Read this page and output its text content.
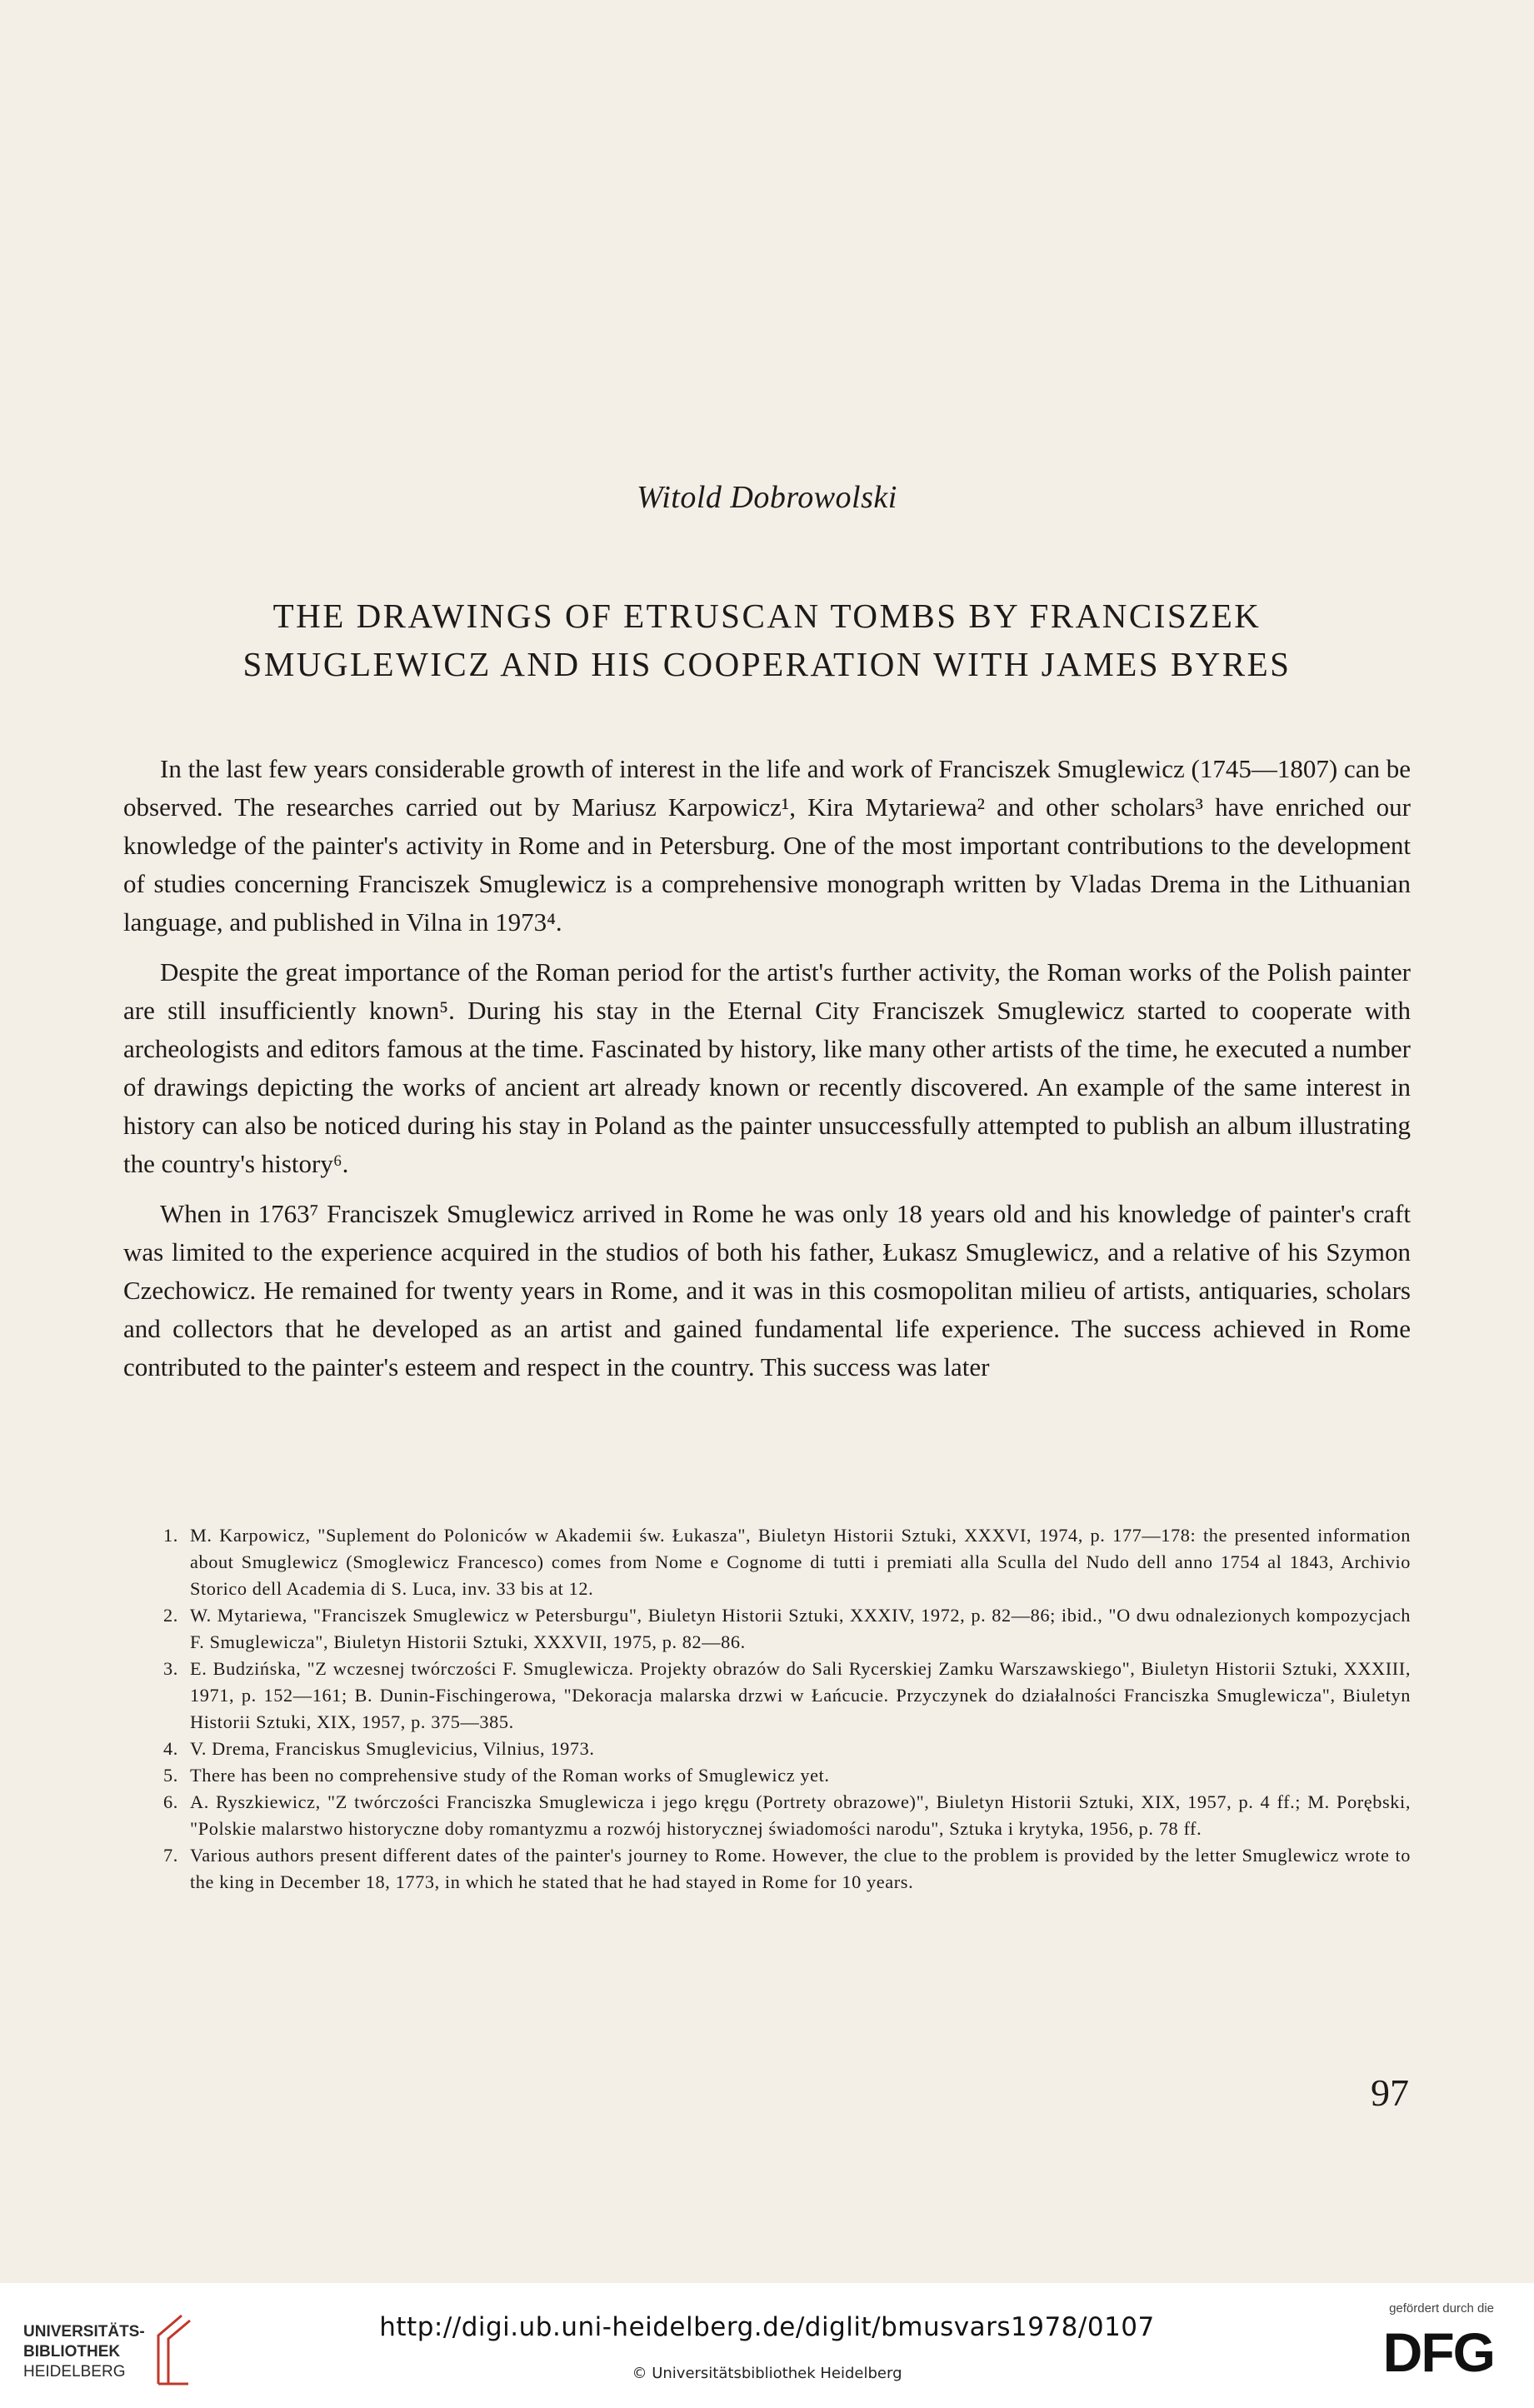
Witold Dobrowolski
THE DRAWINGS OF ETRUSCAN TOMBS BY FRANCISZEK
SMUGLEWICZ AND HIS COOPERATION WITH JAMES BYRES

In the last few years considerable growth of interest in the life and work of Franciszek Smuglewicz (1745—1807) can be observed. The researches carried out by Mariusz Karpowicz¹, Kira Mytariewa² and other scholars³ have enriched our knowledge of the painter's activity in Rome and in Petersburg. One of the most important contributions to the development of studies concerning Franciszek Smuglewicz is a comprehensive monograph written by Vladas Drema in the Lithuanian language, and published in Vilna in 1973⁴.

Despite the great importance of the Roman period for the artist's further activity, the Roman works of the Polish painter are still insufficiently known⁵. During his stay in the Eternal City Franciszek Smuglewicz started to cooperate with archeologists and editors famous at the time. Fascinated by history, like many other artists of the time, he executed a number of drawings depicting the works of ancient art already known or recently discovered. An example of the same interest in history can also be noticed during his stay in Poland as the painter unsuccessfully attempted to publish an album illustrating the country's history⁶.

When in 1763⁷ Franciszek Smuglewicz arrived in Rome he was only 18 years old and his knowledge of painter's craft was limited to the experience acquired in the studios of both his father, Łukasz Smuglewicz, and a relative of his Szymon Czechowicz. He remained for twenty years in Rome, and it was in this cosmopolitan milieu of artists, antiquaries, scholars and collectors that he developed as an artist and gained fundamental life experience. The success achieved in Rome contributed to the painter's esteem and respect in the country. This success was later

1. M. Karpowicz, "Suplement do Poloniców w Akademii św. Łukasza", Biuletyn Historii Sztuki, XXXVI, 1974, p. 177—178: the presented information about Smuglewicz (Smoglewicz Francesco) comes from Nome e Cognome di tutti i premiati alla Sculla del Nudo dell anno 1754 al 1843, Archivio Storico dell Academia di S. Luca, inv. 33 bis at 12.

2. W. Mytariewa, "Franciszek Smuglewicz w Petersburgu", Biuletyn Historii Sztuki, XXXIV, 1972, p. 82—86; ibid., "O dwu odnalezionych kompozycjach F. Smuglewicza", Biuletyn Historii Sztuki, XXXVII, 1975, p. 82—86.

3. E. Budzińska, "Z wczesnej twórczości F. Smuglewicza. Projekty obrazów do Sali Rycerskiej Zamku Warszawskiego", Biuletyn Historii Sztuki, XXXIII, 1971, p. 152—161; B. Dunin-Fischingerowa, "Dekoracja malarska drzwi w Łańcucie. Przyczynek do działalności Franciszka Smuglewicza", Biuletyn Historii Sztuki, XIX, 1957, p. 375—385.

4. V. Drema, Franciskus Smuglevicius, Vilnius, 1973.

5. There has been no comprehensive study of the Roman works of Smuglewicz yet.

6. A. Ryszkiewicz, "Z twórczości Franciszka Smuglewicza i jego kręgu (Portrety obrazowe)", Biuletyn Historii Sztuki, XIX, 1957, p. 4 ff.; M. Porębski, "Polskie malarstwo historyczne doby romantyzmu a rozwój historycznej świadomości narodu", Sztuka i krytyka, 1956, p. 78 ff.

7. Various authors present different dates of the painter's journey to Rome. However, the clue to the problem is provided by the letter Smuglewicz wrote to the king in December 18, 1773, in which he stated that he had stayed in Rome for 10 years.

97
UNIVERSITÄTS-
BIBLIOTHEK
HEIDELBERG
http://digi.ub.uni-heidelberg.de/diglit/bmusvars1978/0107
© Universitätsbibliothek Heidelberg
gefördert durch die
DFG
